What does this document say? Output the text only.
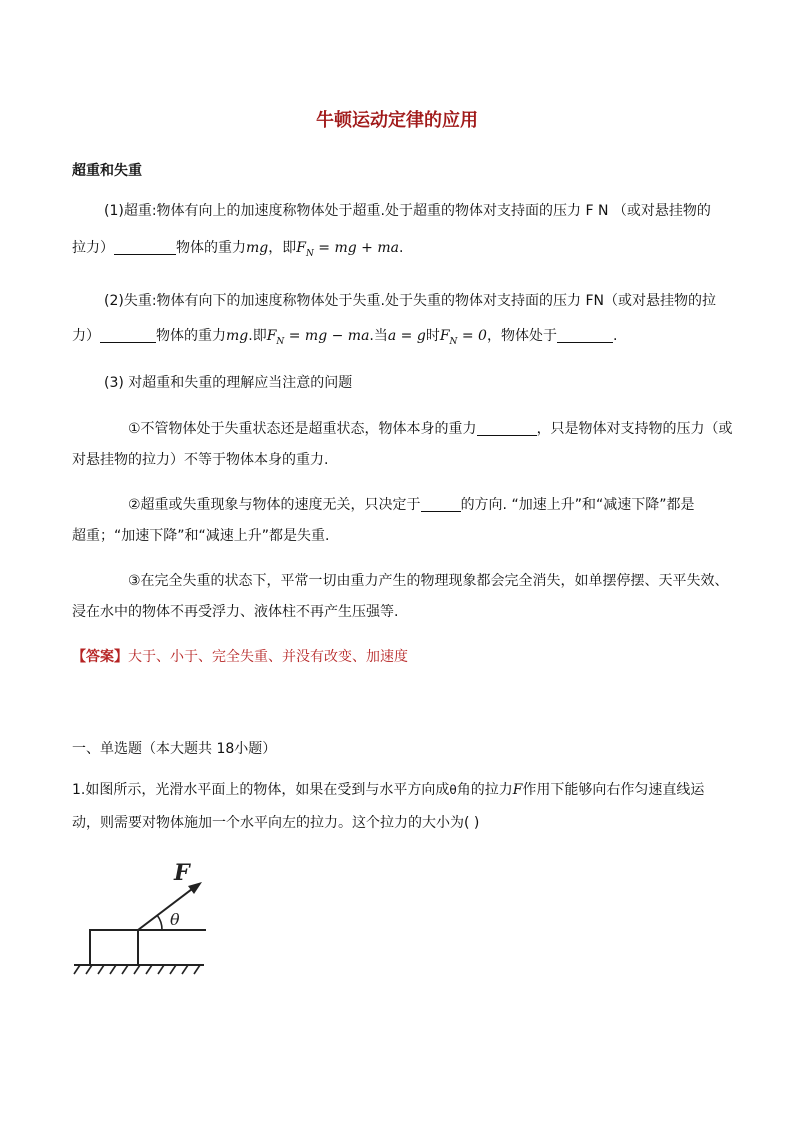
牛顿运动定律的应用
超重和失重
(1)超重:物体有向上的加速度称物体处于超重.处于超重的物体对支持面的压力 F N （或对悬挂物的
拉力）	物体的重力mg，即$F_N$ = mg + ma.
(2)失重:物体有向下的加速度称物体处于失重.处于失重的物体对支持面的压力 FN（或对悬挂物的拉
力）	物体的重力mg.即$F_N$ = mg − ma.当a = g时$F_N = 0$，物体处于	.
(3) 对超重和失重的理解应当注意的问题
①不管物体处于失重状态还是超重状态，物体本身的重力	，只是物体对支持物的压力（或
对悬挂物的拉力）不等于物体本身的重力.
②超重或失重现象与物体的速度无关，只决定于	的方向. “加速上升”和“减速下降”都是
超重；“加速下降”和“减速上升”都是失重.
③在完全失重的状态下，平常一切由重力产生的物理现象都会完全消失，如单摆停摆、天平失效、
浸在水中的物体不再受浮力、液体柱不再产生压强等.
【答案】大于、小于、完全失重、并没有改变、加速度
一、单选题（本大题共 18小题）
1.如图所示，光滑水平面上的物体，如果在受到与水平方向成θ角的拉力F作用下能够向右作匀速直线运
动，则需要对物体施加一个水平向左的拉力。这个拉力的大小为( )
θ
F
